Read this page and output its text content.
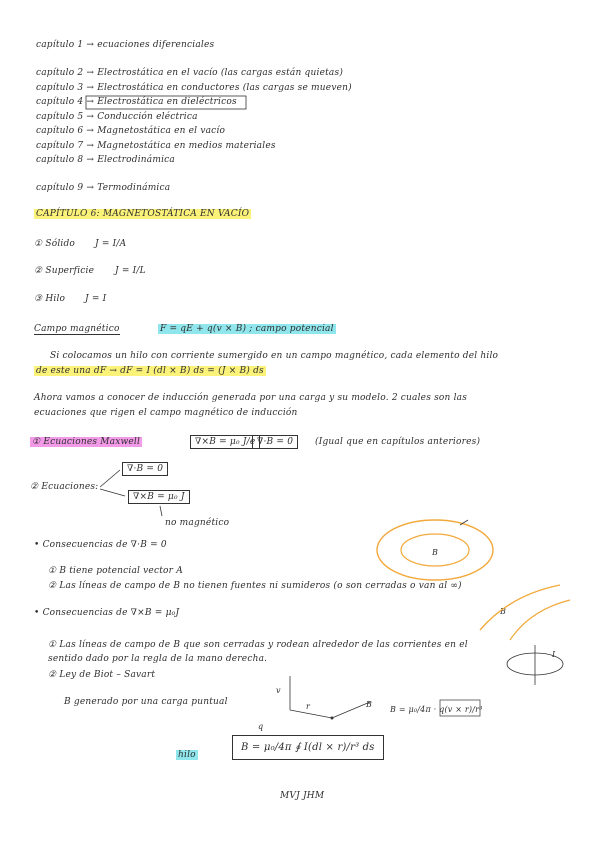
capítulo 1 → ecuaciones diferenciales
capítulo 2 → Electrostática en el vacío (las cargas están quietas)
capítulo 3 → Electrostática en conductores (las cargas se mueven)
capítulo 4 → Electrostática en dieléctricos
capítulo 5 → Conducción eléctrica
capítulo 6 → Magnetostática en el vacío
capítulo 7 → Magnetostática en medios materiales
capítulo 8 → Electrodinámica
capítulo 9 → Termodinámica
CAPÍTULO 6: MAGNETOSTÁTICA EN VACÍO
① Sólido J = I/A
② Superficie J = I/L
③ Hilo J = I
Campo magnético	F = qE + q(v × B) ; campo potencial
Si colocamos un hilo con corriente sumergido en un campo magnético, cada elemento del hilo
de este una dF → dF = I (dl × B) ds = (J × B) ds
Ahora vamos a conocer de inducción generada por una carga y su modelo. 2 cuales son las
ecuaciones que rigen el campo magnético de inducción
① Ecuaciones Maxwell	∇×B = μ₀ J/e ∇·B = 0	(Igual que en capítulos anteriores)
② Ecuaciones:
∇·B = 0
∇×B = μ₀ J
no magnético
• Consecuencias de ∇·B = 0
① B tiene potencial vector A
② Las líneas de campo de B no tienen fuentes ni sumideros (o son cerradas o van al ∞)
• Consecuencias de ∇×B = μ₀J
① Las líneas de campo de B que son cerradas y rodean alrededor de las corrientes en el
sentido dado por la regla de la mano derecha.
② Ley de Biot – Savart
B generado por una carga puntual
hilo
B = μ₀/4π ∮ I(dl × r)/r³ ds
B = μ₀/4π · q(v × r)/r³
MVJ JHM
B
B
I
v
r
q
B
